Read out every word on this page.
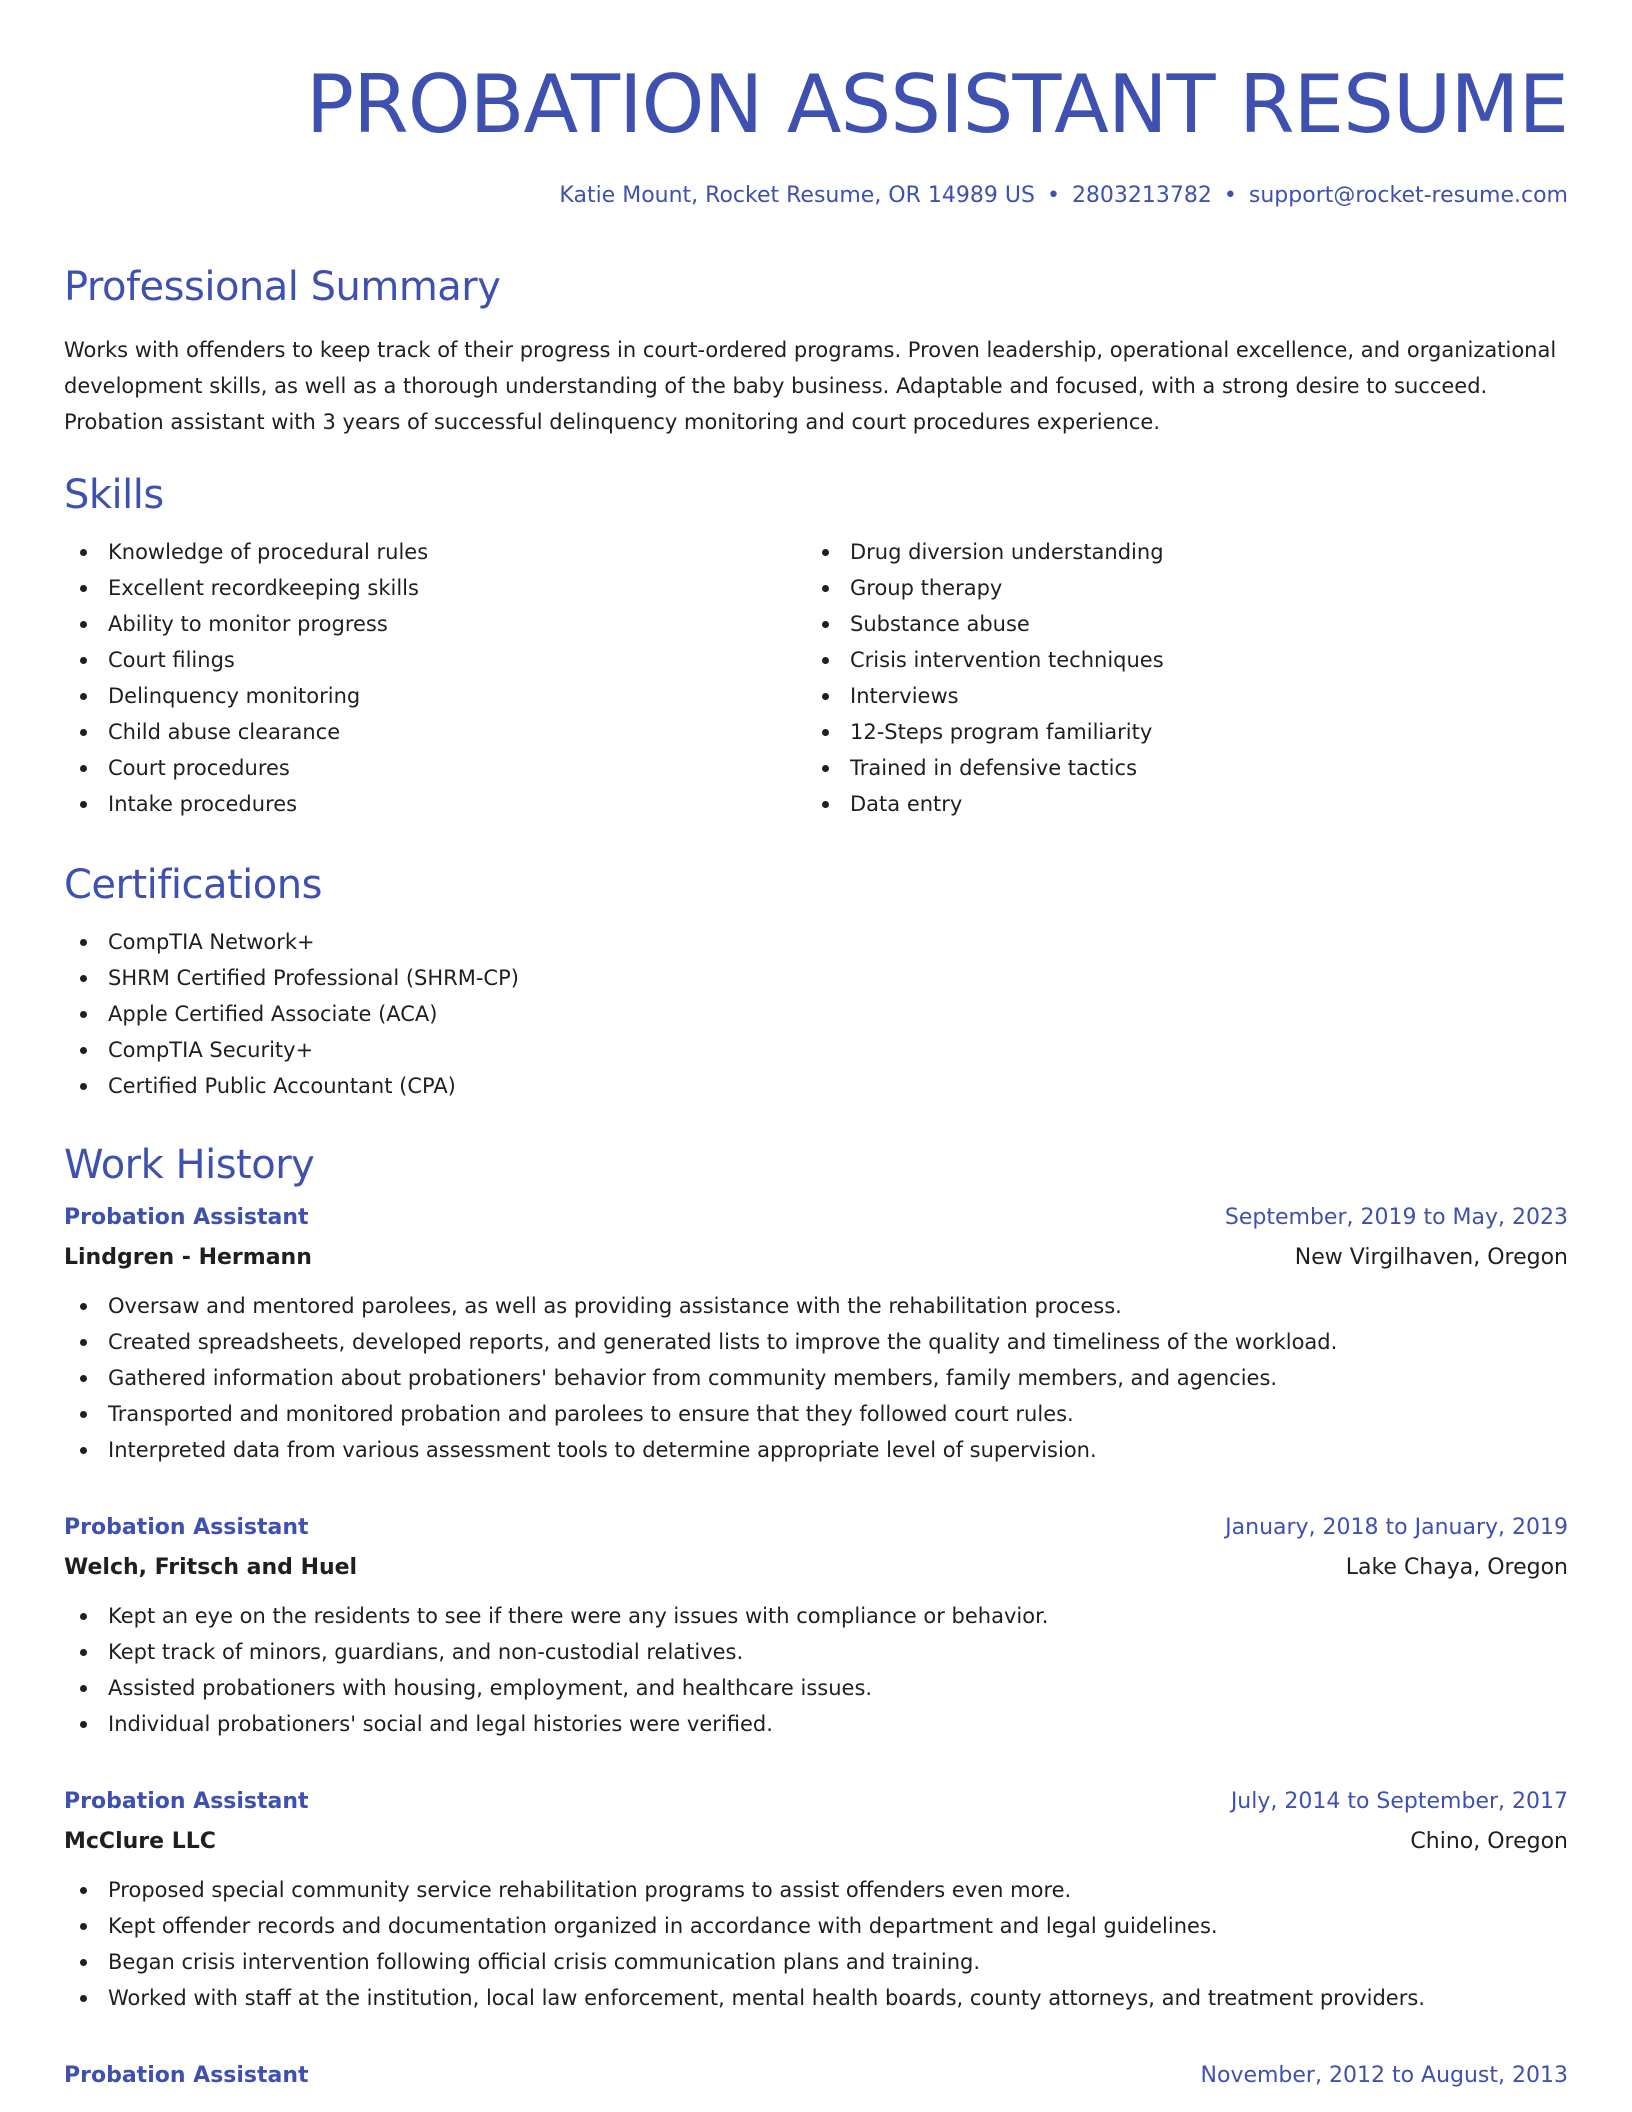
PROBATION ASSISTANT RESUME
Katie Mount, Rocket Resume, OR 14989 US • 2803213782 • support@rocket-resume.com
Professional Summary
Works with offenders to keep track of their progress in court-ordered programs. Proven leadership, operational excellence, and organizational development skills, as well as a thorough understanding of the baby business. Adaptable and focused, with a strong desire to succeed. Probation assistant with 3 years of successful delinquency monitoring and court procedures experience.
Skills
Knowledge of procedural rules
Excellent recordkeeping skills
Ability to monitor progress
Court filings
Delinquency monitoring
Child abuse clearance
Court procedures
Intake procedures
Drug diversion understanding
Group therapy
Substance abuse
Crisis intervention techniques
Interviews
12-Steps program familiarity
Trained in defensive tactics
Data entry
Certifications
CompTIA Network+
SHRM Certified Professional (SHRM-CP)
Apple Certified Associate (ACA)
CompTIA Security+
Certified Public Accountant (CPA)
Work History
Probation Assistant	September, 2019 to May, 2023
Lindgren - Hermann	New Virgilhaven, Oregon
Oversaw and mentored parolees, as well as providing assistance with the rehabilitation process.
Created spreadsheets, developed reports, and generated lists to improve the quality and timeliness of the workload.
Gathered information about probationers' behavior from community members, family members, and agencies.
Transported and monitored probation and parolees to ensure that they followed court rules.
Interpreted data from various assessment tools to determine appropriate level of supervision.
Probation Assistant	January, 2018 to January, 2019
Welch, Fritsch and Huel	Lake Chaya, Oregon
Kept an eye on the residents to see if there were any issues with compliance or behavior.
Kept track of minors, guardians, and non-custodial relatives.
Assisted probationers with housing, employment, and healthcare issues.
Individual probationers' social and legal histories were verified.
Probation Assistant	July, 2014 to September, 2017
McClure LLC	Chino, Oregon
Proposed special community service rehabilitation programs to assist offenders even more.
Kept offender records and documentation organized in accordance with department and legal guidelines.
Began crisis intervention following official crisis communication plans and training.
Worked with staff at the institution, local law enforcement, mental health boards, county attorneys, and treatment providers.
Probation Assistant	November, 2012 to August, 2013
